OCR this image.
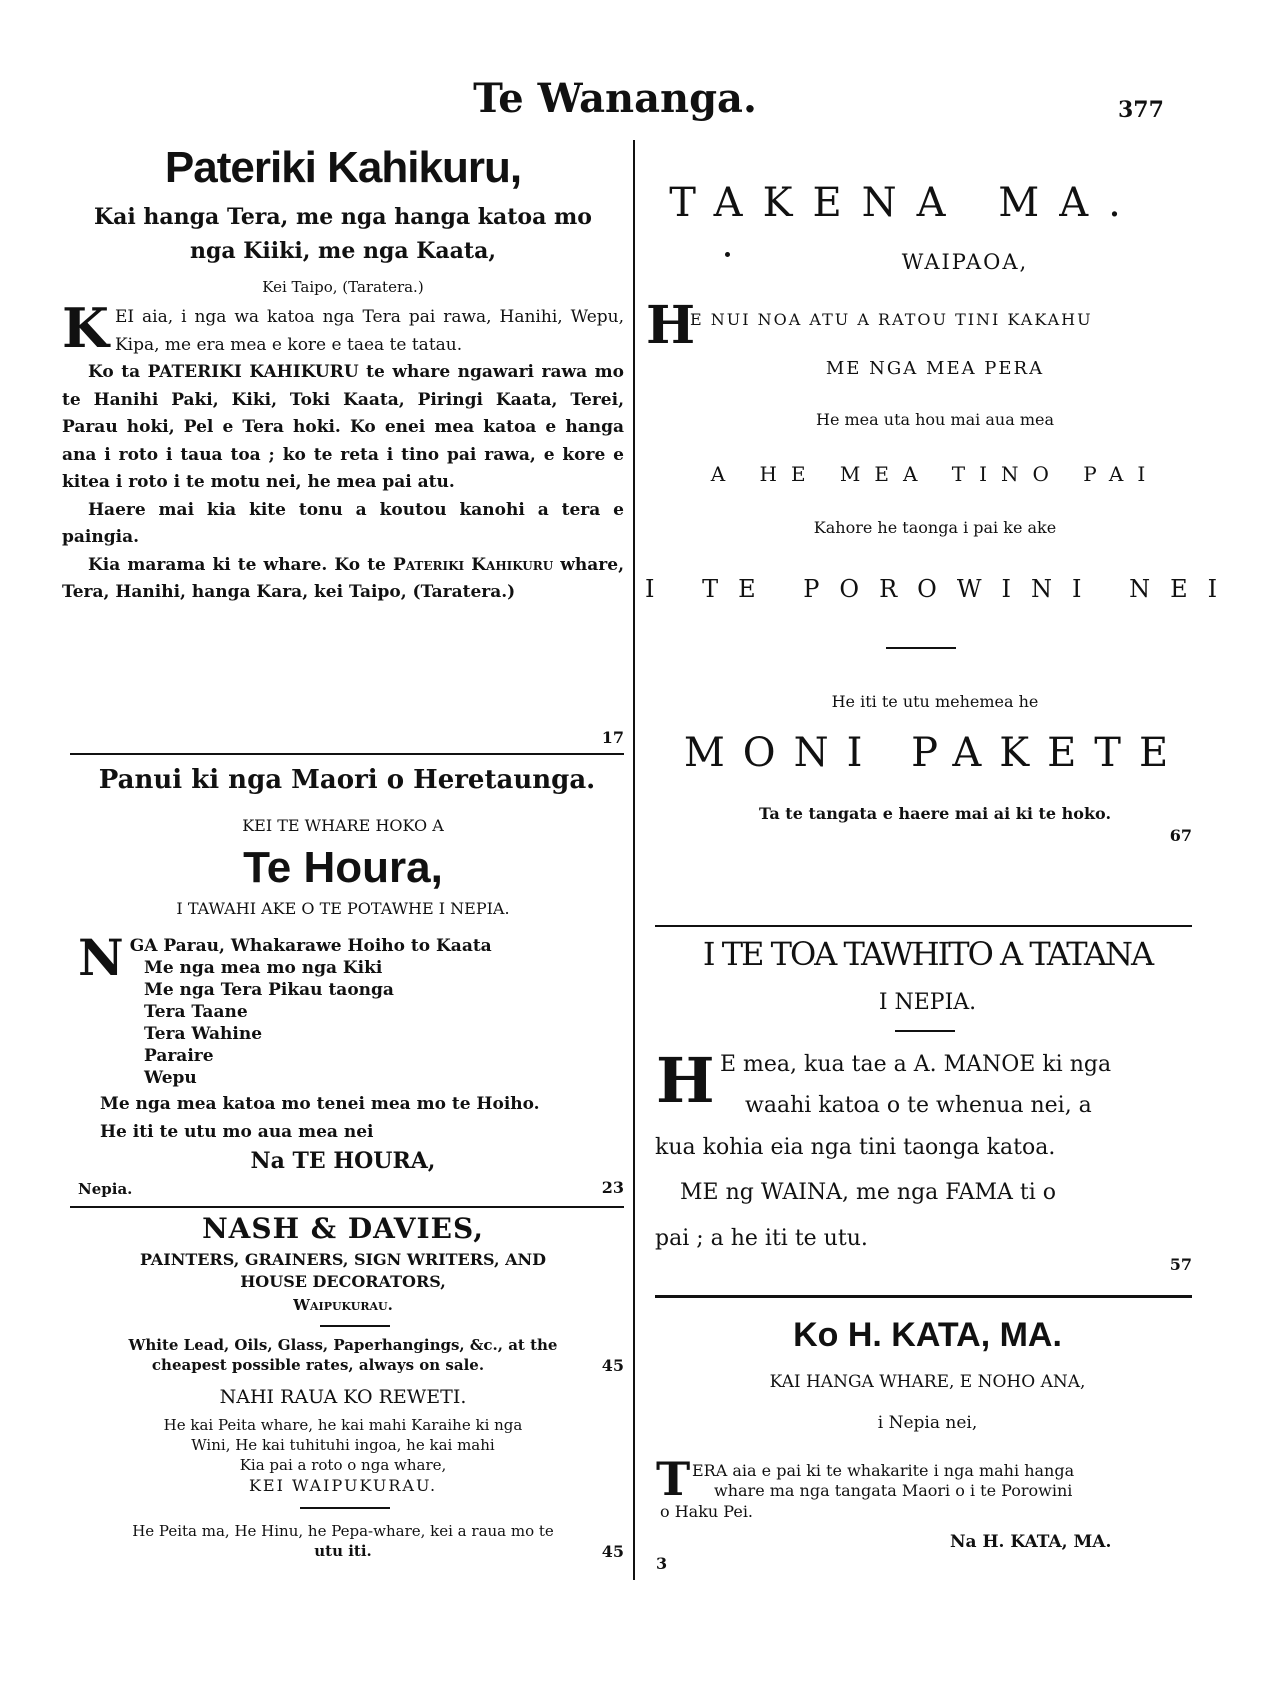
Te Wananga.	377
Pateriki Kahikuru,
Kai hanga Tera, me nga hanga katoa mo
nga Kiiki, me nga Kaata,
Kei Taipo, (Taratera.)

KEI aia, i nga wa katoa nga Tera pai rawa, Hanihi, Wepu, Kipa, me era mea e kore e taea te tatau.

Ko ta PATERIKI KAHIKURU te whare ngawari rawa mo te Hanihi Paki, Kiki, Toki Kaata, Piringi Kaata, Terei, Parau hoki, Pel e Tera hoki. Ko enei mea katoa e hanga ana i roto i taua toa ; ko te reta i tino pai rawa, e kore e kitea i roto i te motu nei, he mea pai atu.

Haere mai kia kite tonu a koutou kanohi a tera e paingia.

Kia marama ki te whare. Ko te Pateriki Kahikuru whare, Tera, Hanihi, hanga Kara, kei Taipo, (Taratera.)

17
Panui ki nga Maori o Heretaunga.
KEI TE WHARE HOKO A
Te Houra,
I TAWAHI AKE O TE POTAWHE I NEPIA.
NGA Parau, Whakarawe Hoiho to Kaata
Me nga mea mo nga Kiki
Me nga Tera Pikau taonga
Tera Taane
Tera Wahine
Paraire
Wepu
Me nga mea katoa mo tenei mea mo te Hoiho.
He iti te utu mo aua mea nei
Na TE HOURA,
Nepia.	23
NASH & DAVIES,
PAINTERS, GRAINERS, SIGN WRITERS, AND
HOUSE DECORATORS,
Waipukurau.
White Lead, Oils, Glass, Paperhangings, &c., at the
cheapest possible rates, always on sale.	45
NAHI RAUA KO REWETI.
He kai Peita whare, he kai mahi Karaihe ki nga
Wini, He kai tuhituhi ingoa, he kai mahi
Kia pai a roto o nga whare,
KEI WAIPUKURAU.
He Peita ma, He Hinu, he Pepa-whare, kei a raua mo te
utu iti.	45
TAKENA MA.
WAIPAOA,
H
E NUI NOA ATU A RATOU TINI KAKAHU
ME NGA MEA PERA
He mea uta hou mai aua mea
A HE MEA TINO PAI
Kahore he taonga i pai ke ake
I TE POROWINI NEI
He iti te utu mehemea he
MONI PAKETE
Ta te tangata e haere mai ai ki te hoko.
67
I TE TOA TAWHITO A TATANA
I NEPIA.
H E mea, kua tae a A. MANOE ki nga
waahi katoa o te whenua nei, a
kua kohia eia nga tini taonga katoa.
ME ng WAINA, me nga FAMA ti o
pai ; a he iti te utu.
57
Ko H. KATA, MA.
KAI HANGA WHARE, E NOHO ANA,
i Nepia nei,
T ERA aia e pai ki te whakarite i nga mahi hanga
whare ma nga tangata Maori o i te Porowini
o Haku Pei.
Na H. KATA, MA.
3
